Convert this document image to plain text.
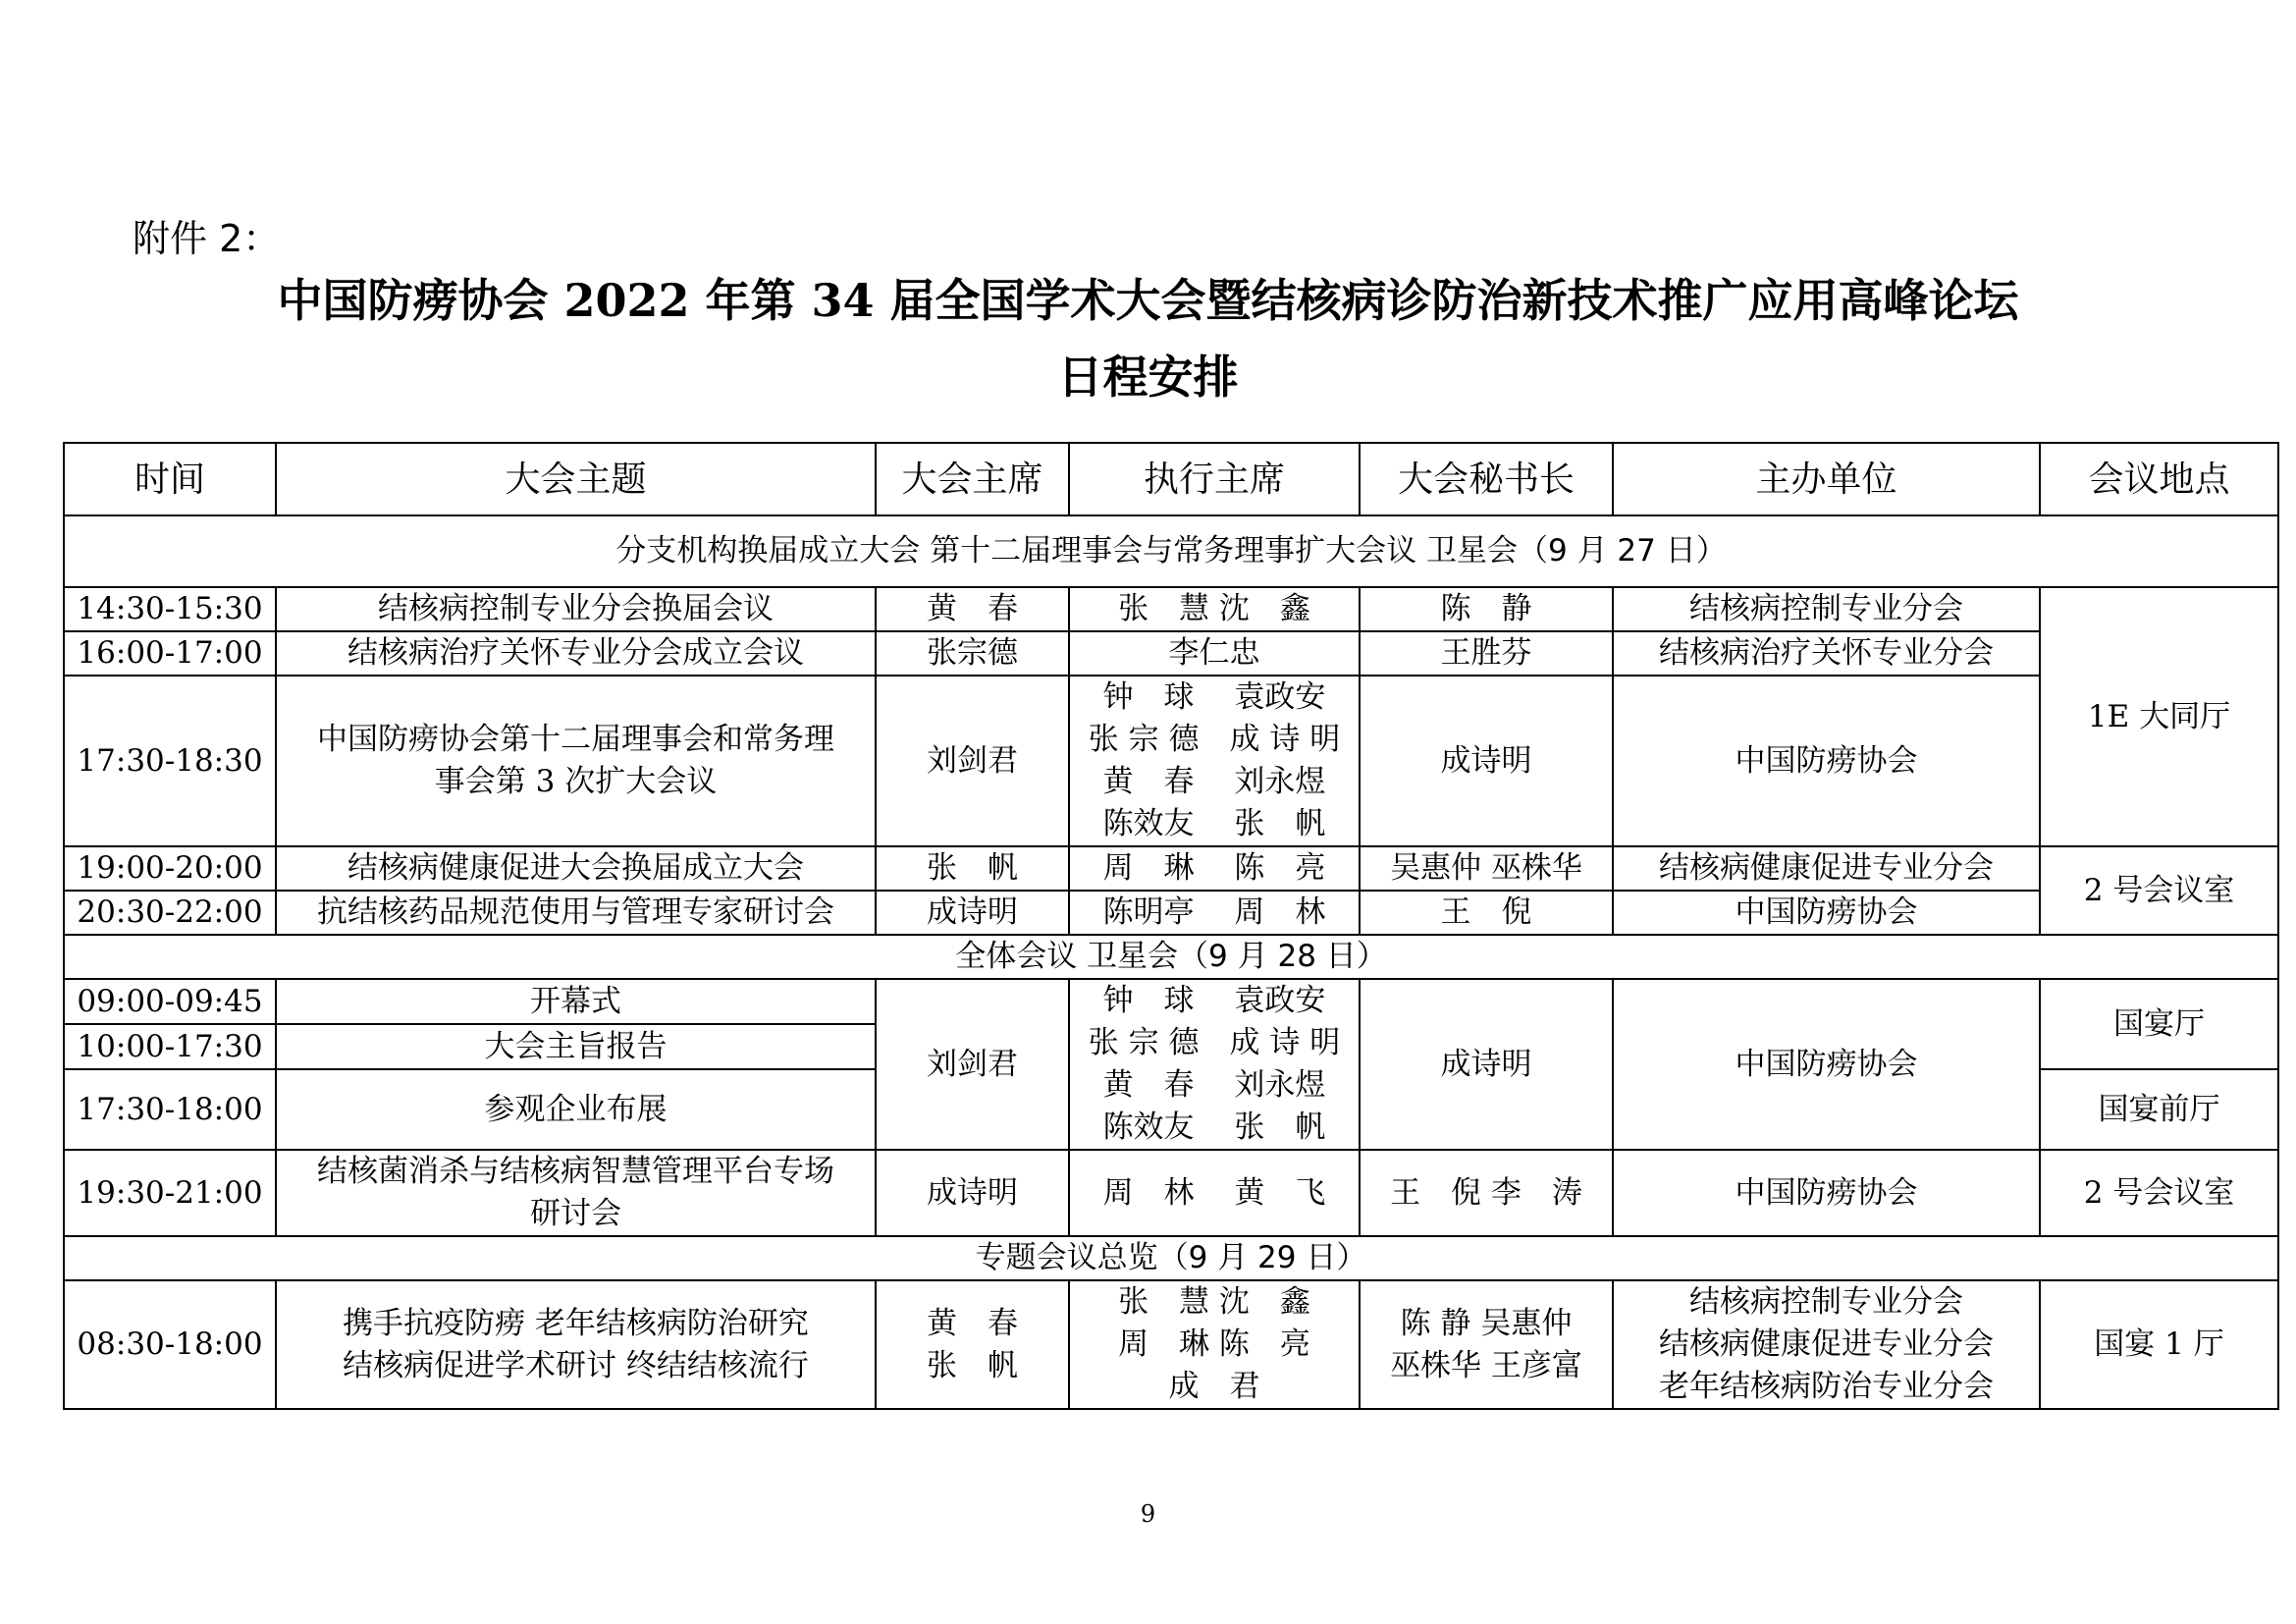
附件 2：
中国防痨协会 2022 年第 34 届全国学术大会暨结核病诊防治新技术推广应用高峰论坛
日程安排
时间	大会主题	大会主席	执行主席	大会秘书长	主办单位	会议地点
分支机构换届成立大会 第十二届理事会与常务理事扩大会议 卫星会（9 月 27 日）						
14:30-15:30	结核病控制专业分会换届会议	黄　春	张　慧 沈　鑫	陈　静	结核病控制专业分会	1E 大同厅
16:00-17:00	结核病治疗关怀专业分会成立会议	张宗德	李仁忠	王胜芬	结核病治疗关怀专业分会	
17:30-18:30	中国防痨协会第十二届理事会和常务理
事会第 3 次扩大会议	刘剑君	钟　球　 袁政安
张 宗 德　成 诗 明
黄　春　 刘永煜
陈效友　 张　帆	成诗明	中国防痨协会	
19:00-20:00	结核病健康促进大会换届成立大会	张　帆	周　琳　 陈　亮	吴惠仲 巫株华	结核病健康促进专业分会	2 号会议室
20:30-22:00	抗结核药品规范使用与管理专家研讨会	成诗明	陈明亭　 周　林	王　倪	中国防痨协会	
全体会议 卫星会（9 月 28 日）						
09:00-09:45	开幕式	刘剑君	钟　球　 袁政安
张 宗 德　成 诗 明
黄　春　 刘永煜
陈效友　 张　帆	成诗明	中国防痨协会	国宴厅
10:00-17:30	大会主旨报告					
17:30-18:00	参观企业布展					国宴前厅
19:30-21:00	结核菌消杀与结核病智慧管理平台专场
研讨会	成诗明	周　林　 黄　飞	王　倪 李　涛	中国防痨协会	2 号会议室
专题会议总览（9 月 29 日）						
08:30-18:00	携手抗疫防痨 老年结核病防治研究
结核病促进学术研讨 终结结核流行	黄　春
张　帆	张　慧 沈　鑫
周　琳 陈　亮
成　君	陈 静 吴惠仲
巫株华 王彦富	结核病控制专业分会
结核病健康促进专业分会
老年结核病防治专业分会	国宴 1 厅
9
